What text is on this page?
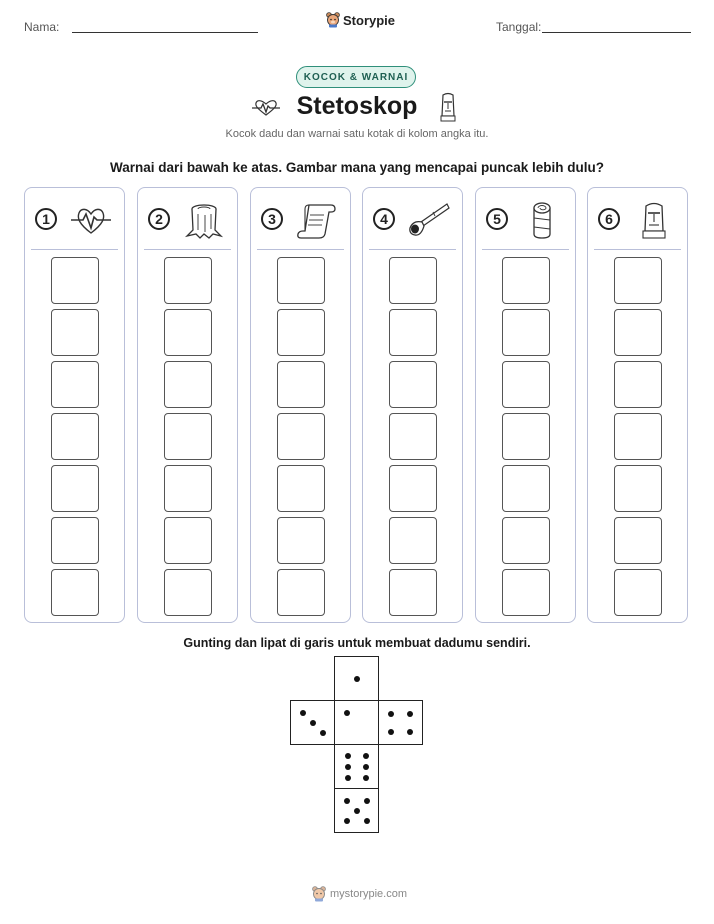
Nama:	Storypie	Tanggal:
KOCOK & WARNAI
Stetoskop
Kocok dadu dan warnai satu kotak di kolom angka itu.
Warnai dari bawah ke atas. Gambar mana yang mencapai puncak lebih dulu?
1	2	3	4	5	6
Gunting dan lipat di garis untuk membuat dadumu sendiri.
mystorypie.com
